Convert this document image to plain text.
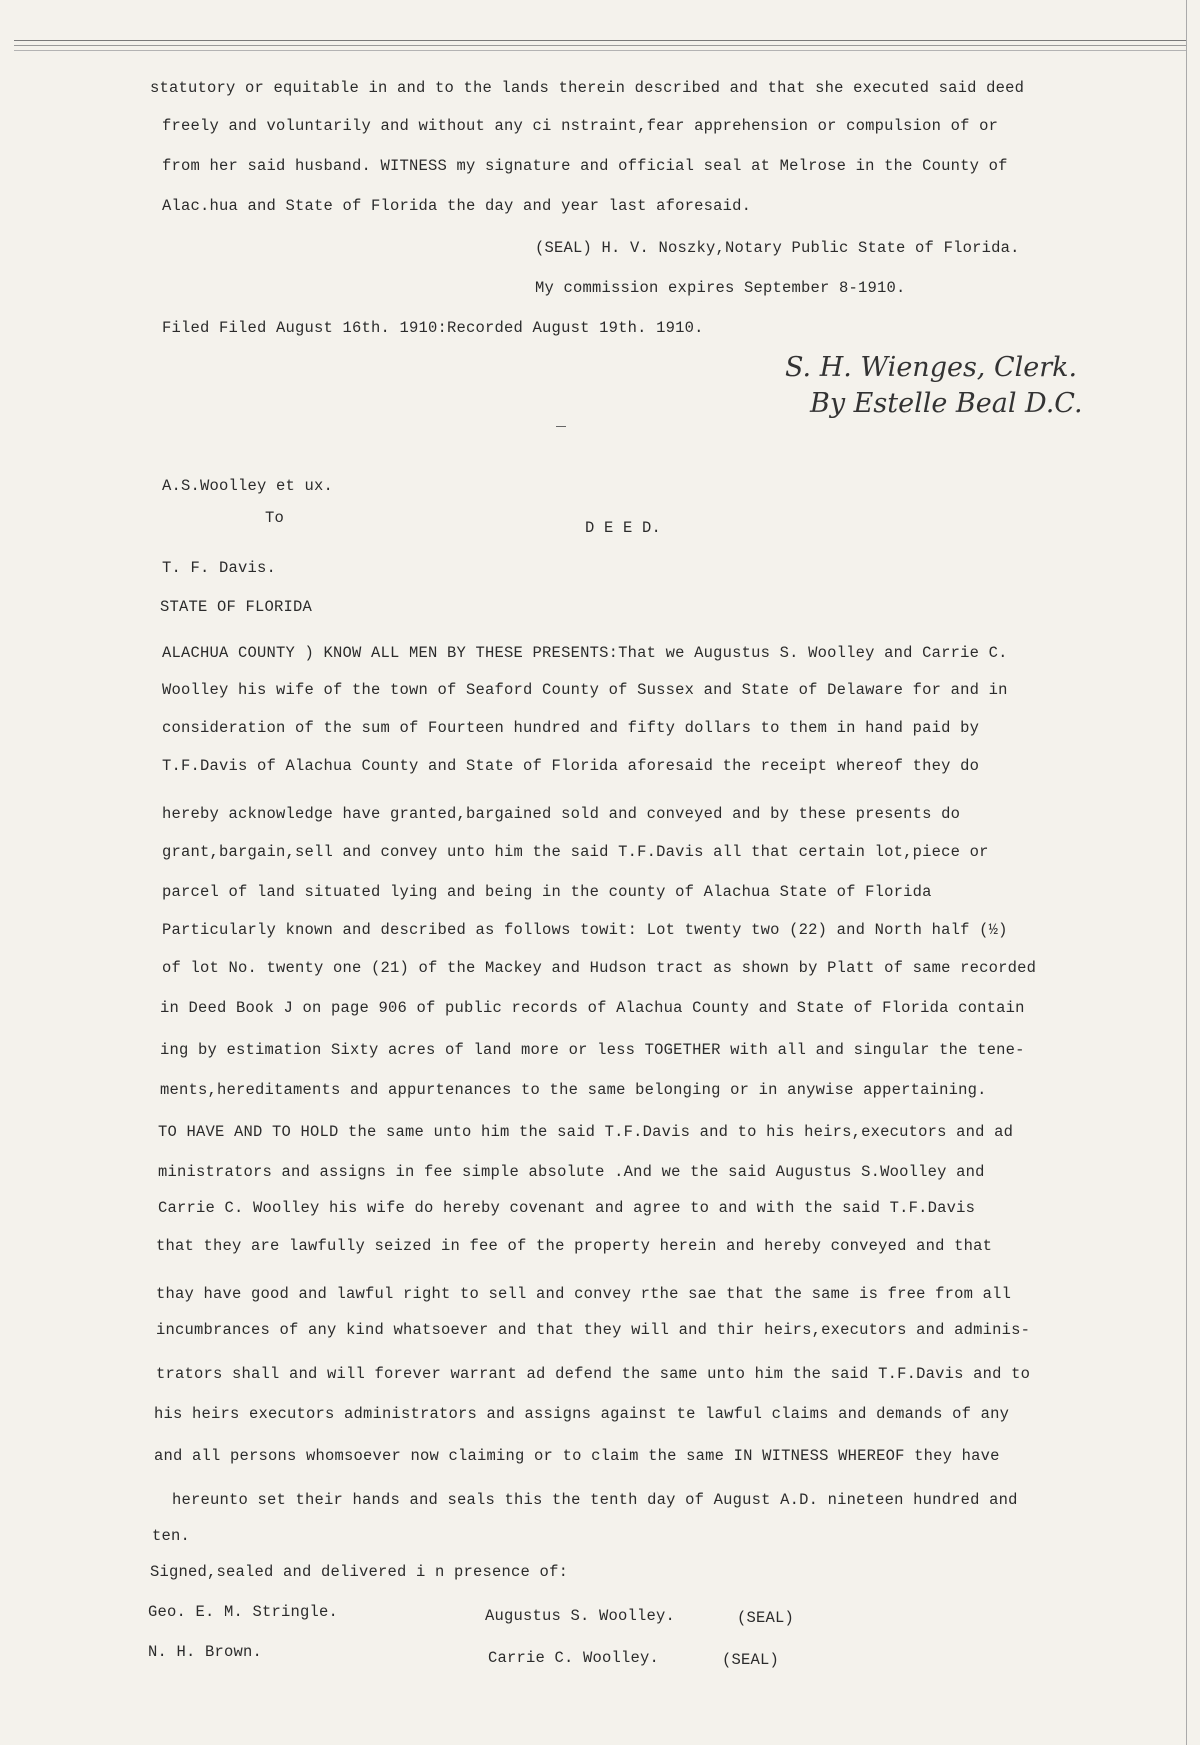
statutory or equitable in and to the lands therein described and that she executed said deed
freely and voluntarily and without any ci nstraint,fear apprehension or compulsion of or
from her said husband. WITNESS my signature and official seal at Melrose in the County of
Alac.hua and State of Florida the day and year last aforesaid.
(SEAL) H. V. Noszky,Notary Public State of Florida.
My commission expires September 8-1910.
Filed Filed August 16th. 1910:Recorded August 19th. 1910.
A.S.Woolley et ux.
To
D E E D.
T. F. Davis.
STATE OF FLORIDA
ALACHUA COUNTY ) KNOW ALL MEN BY THESE PRESENTS:That we Augustus S. Woolley and Carrie C.
Woolley his wife of the town of Seaford County of Sussex and State of Delaware for and in
consideration of the sum of Fourteen hundred and fifty dollars to them in hand paid by
T.F.Davis of Alachua County and State of Florida aforesaid the receipt whereof they do
hereby acknowledge have granted,bargained sold and conveyed and by these presents do
grant,bargain,sell and convey unto him the said T.F.Davis all that certain lot,piece or
parcel of land situated lying and being in the county of Alachua State of Florida
Particularly known and described as follows towit: Lot twenty two (22) and North half (½)
of lot No. twenty one (21) of the Mackey and Hudson tract as shown by Platt of same recorded
in Deed Book J on page 906 of public records of Alachua County and State of Florida contain
ing by estimation Sixty acres of land more or less TOGETHER with all and singular the tene-
ments,hereditaments and appurtenances to the same belonging or in anywise appertaining.
TO HAVE AND TO HOLD the same unto him the said T.F.Davis and to his heirs,executors and ad
ministrators and assigns in fee simple absolute .And we the said Augustus S.Woolley and
Carrie C. Woolley his wife do hereby covenant and agree to and with the said T.F.Davis
that they are lawfully seized in fee of the property herein and hereby conveyed and that
thay have good and lawful right to sell and convey rthe sae that the same is free from all
incumbrances of any kind whatsoever and that they will and thir heirs,executors and adminis-
trators shall and will forever warrant ad defend the same unto him the said T.F.Davis and to
his heirs executors administrators and assigns against te lawful claims and demands of any
and all persons whomsoever now claiming or to claim the same IN WITNESS WHEREOF they have
hereunto set their hands and seals this the tenth day of August A.D. nineteen hundred and
ten.
Signed,sealed and delivered i n presence of:
Geo. E. M. Stringle.	Augustus S. Woolley.	(SEAL)
N. H. Brown.	Carrie C. Woolley.	(SEAL)
S. H. Wienges, Clerk.
By Estelle Beal D.C.
